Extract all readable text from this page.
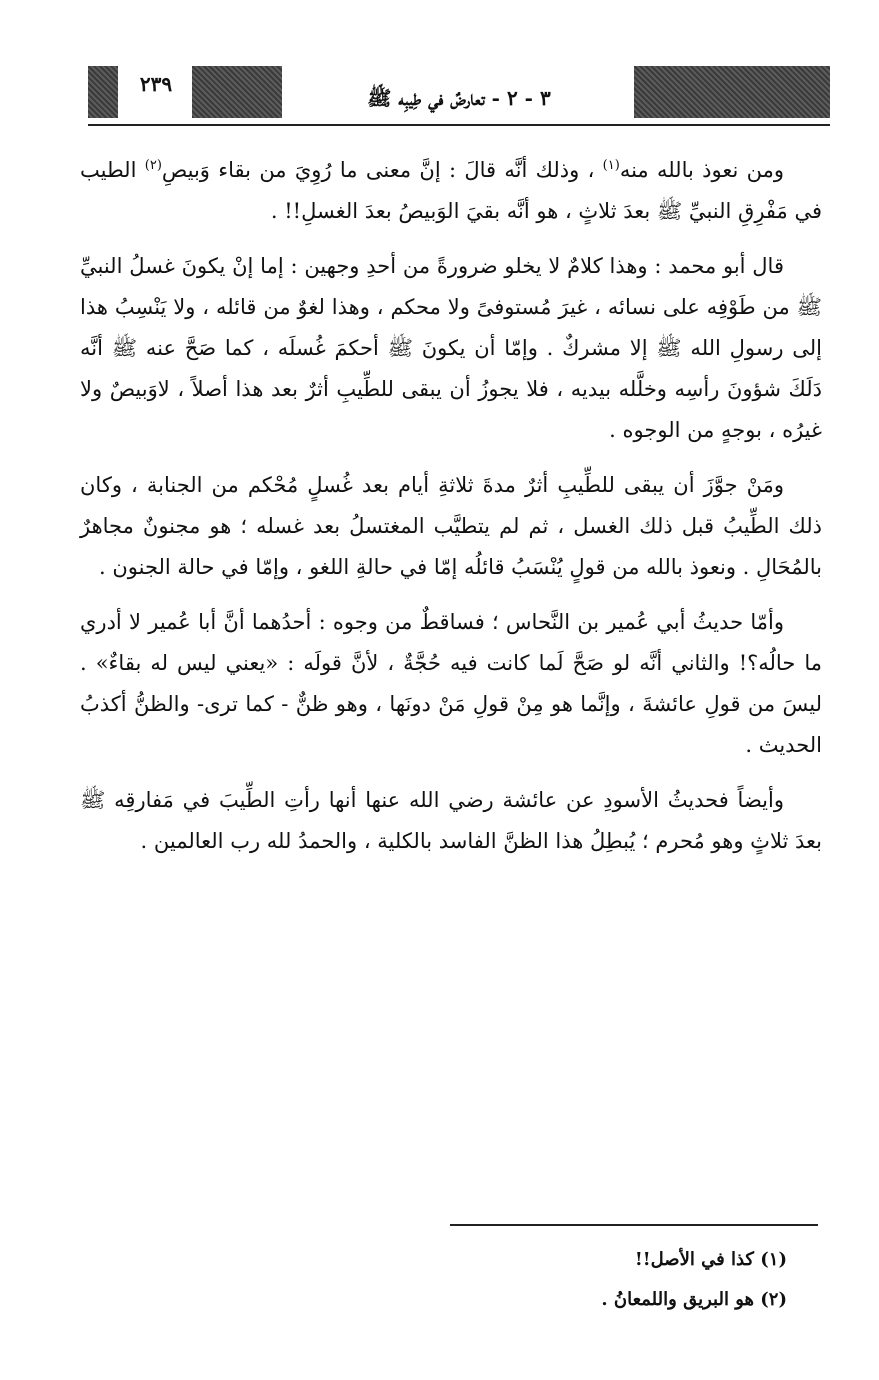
٢٣٩
٣ - ٢ - تعارضٌ في طِيبِه ﷺ

ومن نعوذ بالله منه$^{(١)}$ ، وذلك أنَّه قالَ : إنَّ معنى ما رُوِيَ من بقاء وَبيصِ$^{(٢)}$ الطيب في مَفْرِقِ النبيِّ ﷺ بعدَ ثلاثٍ ، هو أنَّه بقيَ الوَبيصُ بعدَ الغسلِ!! .

قال أبو محمد : وهذا كلامٌ لا يخلو ضرورةً من أحدِ وجهين : إما إنْ يكونَ غسلُ النبيِّ ﷺ من طَوْفِه على نسائه ، غيرَ مُستوفىً ولا محكم ، وهذا لغوٌ من قائله ، ولا يَنْسِبُ هذا إلى رسولِ الله ﷺ إلا مشركٌ . وإمّا أن يكونَ ﷺ أحكمَ غُسلَه ، كما صَحَّ عنه ﷺ أنَّه دَلَكَ شؤونَ رأسِه وخلَّله بيديه ، فلا يجوزُ أن يبقى للطِّيبِ أثرٌ بعد هذا أصلاً ، لاوَبيصٌ ولا غيرُه ، بوجهٍ من الوجوه .

ومَنْ جوَّزَ أن يبقى للطِّيبِ أثرٌ مدةَ ثلاثةِ أيام بعد غُسلٍ مُحْكم من الجنابة ، وكان ذلك الطِّيبُ قبل ذلك الغسل ، ثم لم يتطيَّب المغتسلُ بعد غسله ؛ هو مجنونٌ مجاهرٌ بالمُحَالِ . ونعوذ بالله من قولٍ يُنْسَبُ قائلُه إمّا في حالةِ اللغو ، وإمّا في حالة الجنون .

وأمّا حديثُ أبي عُمير بن النَّحاس ؛ فساقطٌ من وجوه : أحدُهما أنَّ أبا عُمير لا أدري ما حالُه؟! والثاني أنَّه لو صَحَّ لَما كانت فيه حُجَّةٌ ، لأنَّ قولَه : «يعني ليس له بقاءٌ» . ليسَ من قولِ عائشةَ ، وإنَّما هو مِنْ قولِ مَنْ دونَها ، وهو ظنٌّ - كما ترى- والظنُّ أكذبُ الحديث .

وأيضاً فحديثُ الأسودِ عن عائشة رضي الله عنها أنها رأتِ الطِّيبَ في مَفارقِه ﷺ بعدَ ثلاثٍ وهو مُحرم ؛ يُبطِلُ هذا الظنَّ الفاسد بالكلية ، والحمدُ لله رب العالمين .

(١) كذا في الأصل!!
(٢) هو البريق واللمعانُ .
